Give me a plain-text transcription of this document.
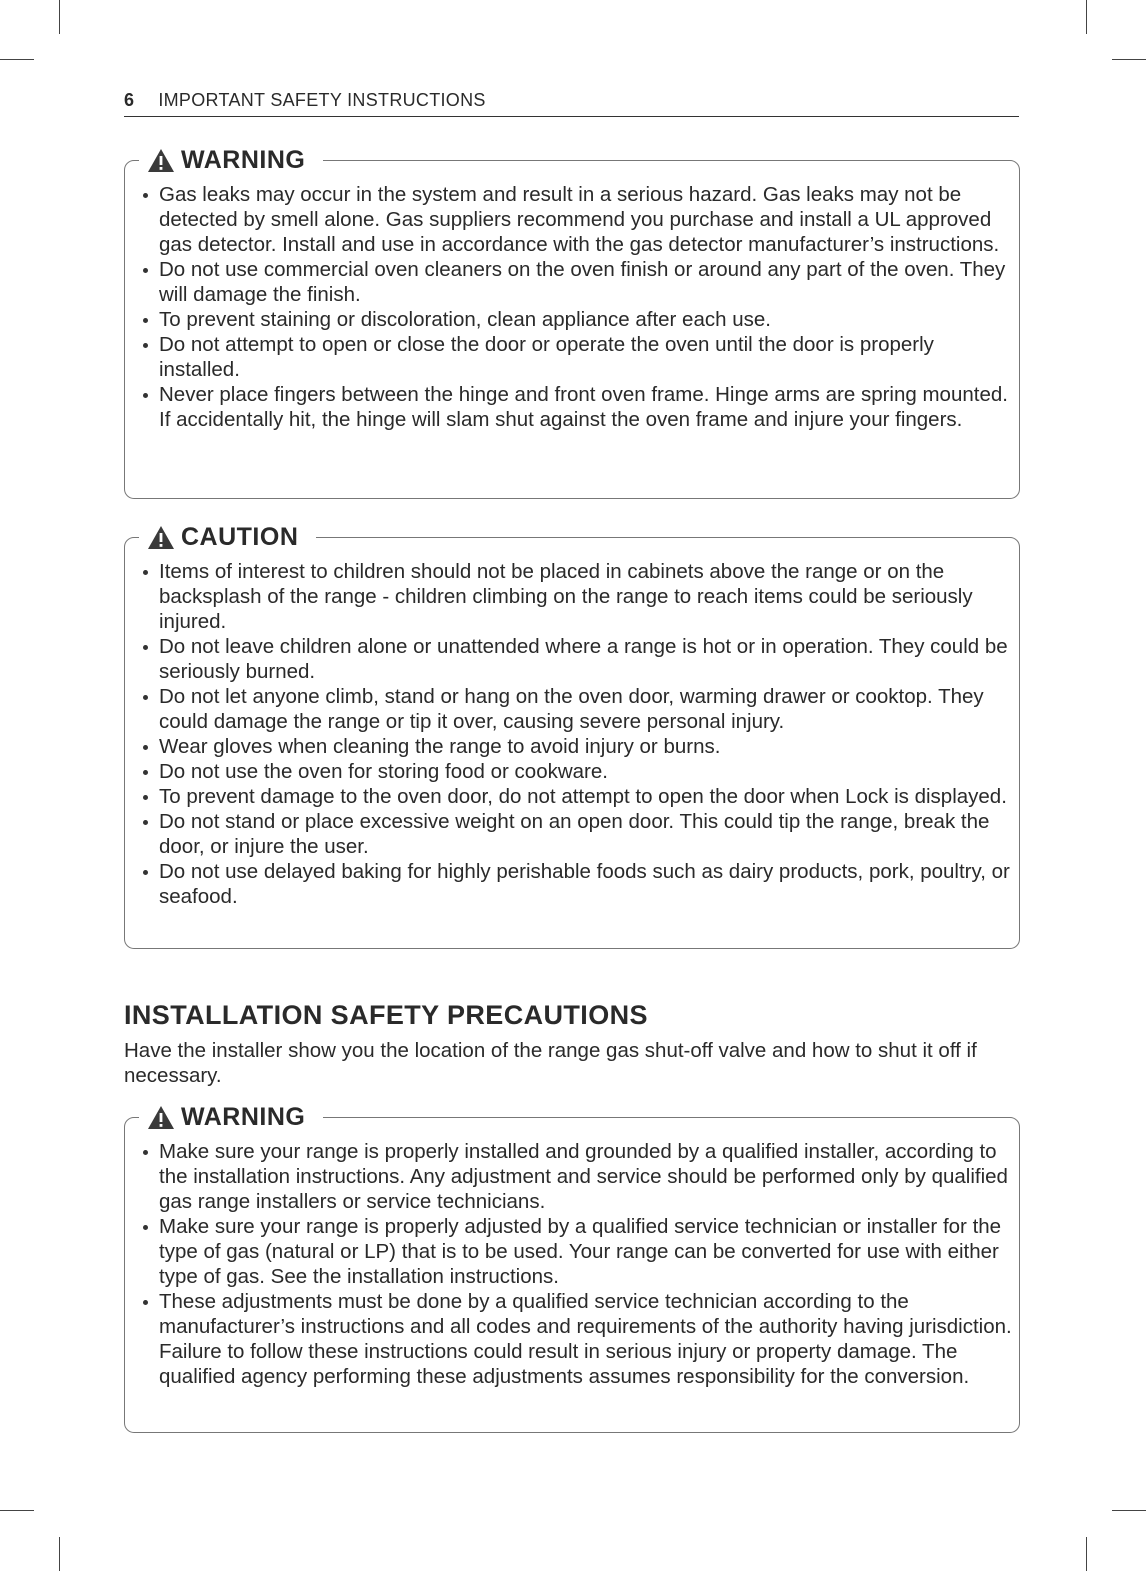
6 IMPORTANT SAFETY INSTRUCTIONS
WARNING
Gas leaks may occur in the system and result in a serious hazard. Gas leaks may not be detected by smell alone. Gas suppliers recommend you purchase and install a UL approved gas detector. Install and use in accordance with the gas detector manufacturer’s instructions.
Do not use commercial oven cleaners on the oven finish or around any part of the oven. They will damage the finish.
To prevent staining or discoloration, clean appliance after each use.
Do not attempt to open or close the door or operate the oven until the door is properly installed.
Never place fingers between the hinge and front oven frame. Hinge arms are spring mounted. If accidentally hit, the hinge will slam shut against the oven frame and injure your fingers.
CAUTION
Items of interest to children should not be placed in cabinets above the range or on the backsplash of the range - children climbing on the range to reach items could be seriously injured.
Do not leave children alone or unattended where a range is hot or in operation. They could be seriously burned.
Do not let anyone climb, stand or hang on the oven door, warming drawer or cooktop. They could damage the range or tip it over, causing severe personal injury.
Wear gloves when cleaning the range to avoid injury or burns.
Do not use the oven for storing food or cookware.
To prevent damage to the oven door, do not attempt to open the door when Lock is displayed.
Do not stand or place excessive weight on an open door. This could tip the range, break the door, or injure the user.
Do not use delayed baking for highly perishable foods such as dairy products, pork, poultry, or seafood.
INSTALLATION SAFETY PRECAUTIONS
Have the installer show you the location of the range gas shut-off valve and how to shut it off if necessary.
WARNING
Make sure your range is properly installed and grounded by a qualified installer, according to the installation instructions. Any adjustment and service should be performed only by qualified gas range installers or service technicians.
Make sure your range is properly adjusted by a qualified service technician or installer for the type of gas (natural or LP) that is to be used. Your range can be converted for use with either type of gas. See the installation instructions.
These adjustments must be done by a qualified service technician according to the manufacturer’s instructions and all codes and requirements of the authority having jurisdiction. Failure to follow these instructions could result in serious injury or property damage. The qualified agency performing these adjustments assumes responsibility for the conversion.
